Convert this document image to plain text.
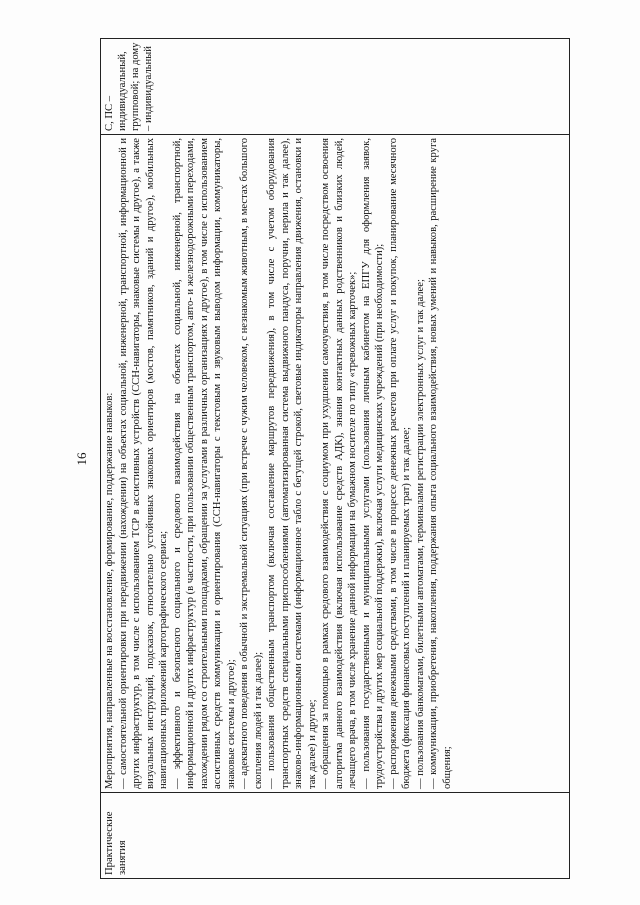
16
Практические занятия

Мероприятия, направленные на восстановление, формирование, поддержание навыков: — самостоятельной ориентировки при передвижении (нахождении) на объектах социальной, инженерной, транспортной, информационной и других инфраструктур, в том числе с использованием ТСР в ассистивных устройств (ССН-навигаторы, знаковые системы и другое), а также визуальных инструкций, подсказок, относительно устойчивых знаковых ориентиров (мостов, памятников, зданий и другое), мобильных навигационных приложений картографического сервиса; — эффективного и безопасного социального и средового взаимодействия на объектах социальной, инженерной, транспортной, информационной и других инфраструктур (в частности, при пользовании общественным транспортом, авто- и железнодорожными переходами, нахождении рядом со строительными площадками, обращении за услугами в различных организациях и другое), в том числе с использованием ассистивных средств коммуникации и ориентирования (ССН-навигаторы с текстовым и звуковым выводом информации, коммуникаторы, знаковые системы и другое); — адекватного поведения в обычной и экстремальной ситуациях (при встрече с чужим человеком, с незнакомым животным, в местах большого скопления людей и так далее); — пользования общественным транспортом (включая составление маршрутов передвижения), в том числе с учетом оборудования транспортных средств специальными приспособлениями (автоматизированная система выдвижного пандуса, поручни, перила и так далее), знаково-информационными системами (информационное табло с бегущей строкой, световые индикаторы направления движения, остановки и так далее) и другое; — обращения за помощью в рамках средового взаимодействия с социумом при ухудшении самочувствия, в том числе посредством освоения алгоритма данного взаимодействия (включая использование средств АДК), знания контактных данных родственников и близких людей, лечащего врача, в том числе хранение данной информации на бумажном носителе по типу «тревожных карточек»; — пользования государственными и муниципальными услугами (пользования личным кабинетом на ЕПГУ для оформления заявок, трудоустройства и других мер социальной поддержки), включая услуги медицинских учреждений (при необходимости); — распоряжения денежными средствами, в том числе в процессе денежных расчетов при оплате услуг и покупок, планирование месячного бюджета (фиксация финансовых поступлений и планируемых трат) и так далее; — пользования банкоматами, билетными автоматами, терминалами регистрации электронных услуг и так далее; — коммуникации, приобретения, накопления, поддержания опыта социального взаимодействия, новых умений и навыков, расширение круга общения;

С, ПС – индивидуальный, групповой; на дому – индивидуальный
